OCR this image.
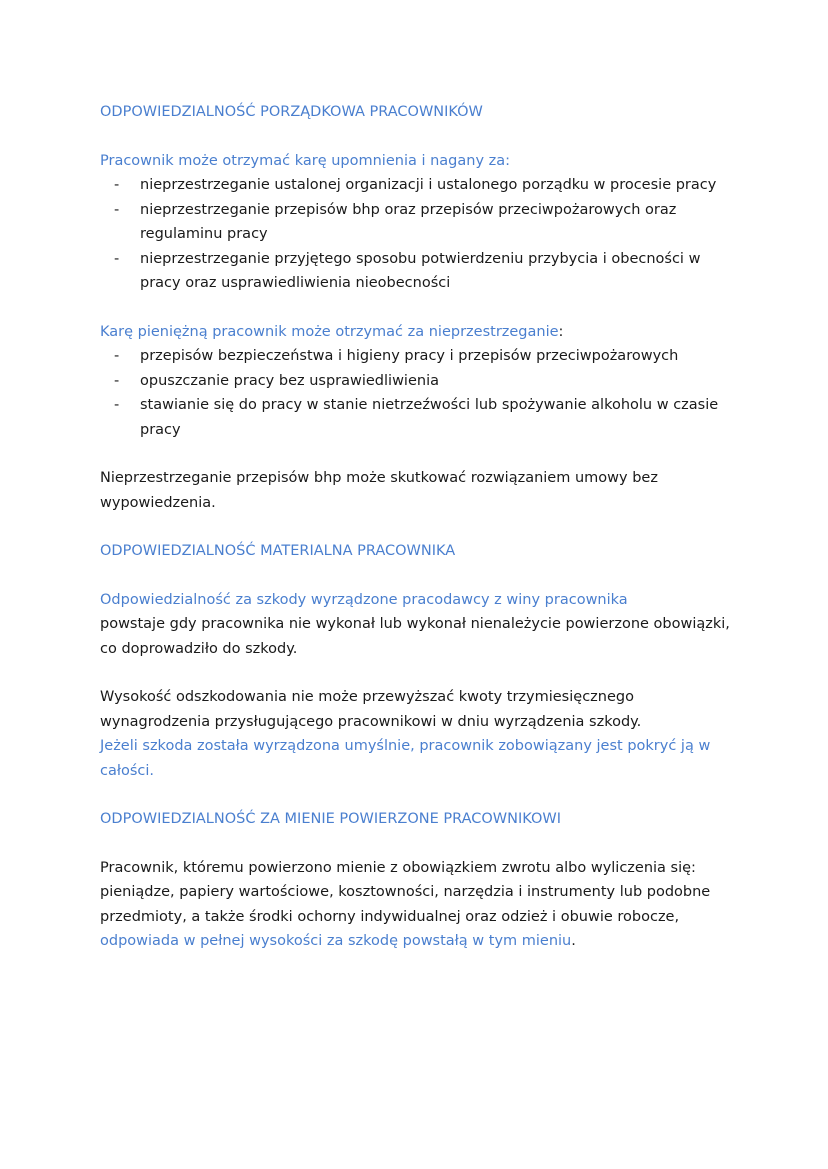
ODPOWIEDZIALNOŚĆ PORZĄDKOWA PRACOWNIKÓW

Pracownik może otrzymać karę upomnienia i nagany za:

- nieprzestrzeganie ustalonej organizacji i ustalonego porządku w procesie pracy
- nieprzestrzeganie przepisów bhp oraz przepisów przeciwpożarowych oraz regulaminu pracy
- nieprzestrzeganie przyjętego sposobu potwierdzeniu przybycia i obecności w pracy oraz usprawiedliwienia nieobecności

Karę pieniężną pracownik może otrzymać za nieprzestrzeganie:

- przepisów bezpieczeństwa i higieny pracy i przepisów przeciwpożarowych
- opuszczanie pracy bez usprawiedliwienia
- stawianie się do pracy w stanie nietrzeźwości lub spożywanie alkoholu w czasie pracy

Nieprzestrzeganie przepisów bhp może skutkować rozwiązaniem umowy bez wypowiedzenia.

ODPOWIEDZIALNOŚĆ MATERIALNA PRACOWNIKA

Odpowiedzialność za szkody wyrządzone pracodawcy z winy pracownika

powstaje gdy pracownika nie wykonał lub wykonał nienależycie powierzone obowiązki, co doprowadziło do szkody.

Wysokość odszkodowania nie może przewyższać kwoty trzymiesięcznego wynagrodzenia przysługującego pracownikowi w dniu wyrządzenia szkody.

Jeżeli szkoda została wyrządzona umyślnie, pracownik zobowiązany jest pokryć ją w całości.

ODPOWIEDZIALNOŚĆ ZA MIENIE POWIERZONE PRACOWNIKOWI

Pracownik, któremu powierzono mienie z obowiązkiem zwrotu albo wyliczenia się: pieniądze, papiery wartościowe, kosztowności, narzędzia i instrumenty lub podobne przedmioty, a także środki ochorny indywidualnej oraz odzież i obuwie robocze, odpowiada w pełnej wysokości za szkodę powstałą w tym mieniu.
